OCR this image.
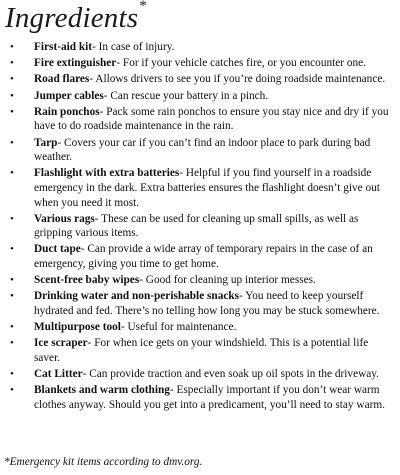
Ingredients*
• First-aid kit- In case of injury.
• Fire extinguisher- For if your vehicle catches fire, or you encounter one.
• Road flares- Allows drivers to see you if you’re doing roadside maintenance.
• Jumper cables- Can rescue your battery in a pinch.
• Rain ponchos- Pack some rain ponchos to ensure you stay nice and dry if you have to do roadside maintenance in the rain.
• Tarp- Covers your car if you can’t find an indoor place to park during bad weather.
• Flashlight with extra batteries- Helpful if you find yourself in a roadside emergency in the dark. Extra batteries ensures the flashlight doesn’t give out when you need it most.
• Various rags- These can be used for cleaning up small spills, as well as gripping various items.
• Duct tape- Can provide a wide array of temporary repairs in the case of an emergency, giving you time to get home.
• Scent-free baby wipes- Good for cleaning up interior messes.
• Drinking water and non-perishable snacks- You need to keep yourself hydrated and fed. There’s no telling how long you may be stuck somewhere.
• Multipurpose tool- Useful for maintenance.
• Ice scraper- For when ice gets on your windshield. This is a potential life saver.
• Cat Litter- Can provide traction and even soak up oil spots in the driveway.
• Blankets and warm clothing- Especially important if you don’t wear warm clothes anyway. Should you get into a predicament, you’ll need to stay warm.
*Emergency kit items according to dmv.org.
